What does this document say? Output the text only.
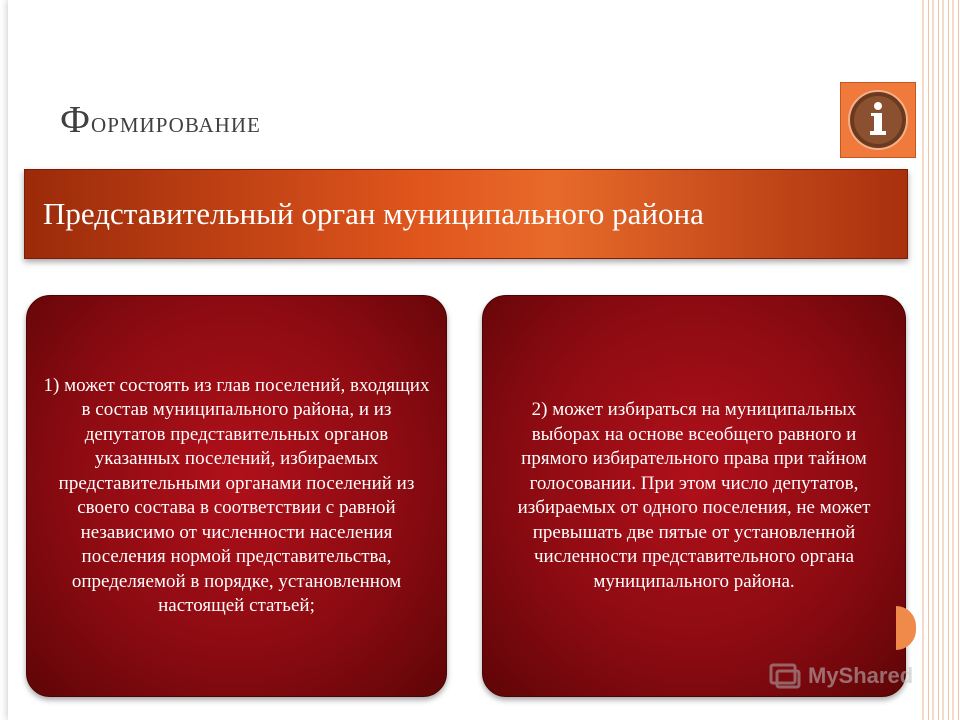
Формирование
Представительный орган муниципального района

1) может состоять из глав поселений, входящих в состав муниципального района, и из депутатов представительных органов указанных поселений, избираемых представительными органами поселений из своего состава в соответствии с равной независимо от численности населения поселения нормой представительства, определяемой в порядке, установленном настоящей статьей;

2) может избираться на муниципальных выборах на основе всеобщего равного и прямого избирательного права при тайном голосовании. При этом число депутатов, избираемых от одного поселения, не может превышать две пятые от установленной численности представительного органа муниципального района.

MyShared
